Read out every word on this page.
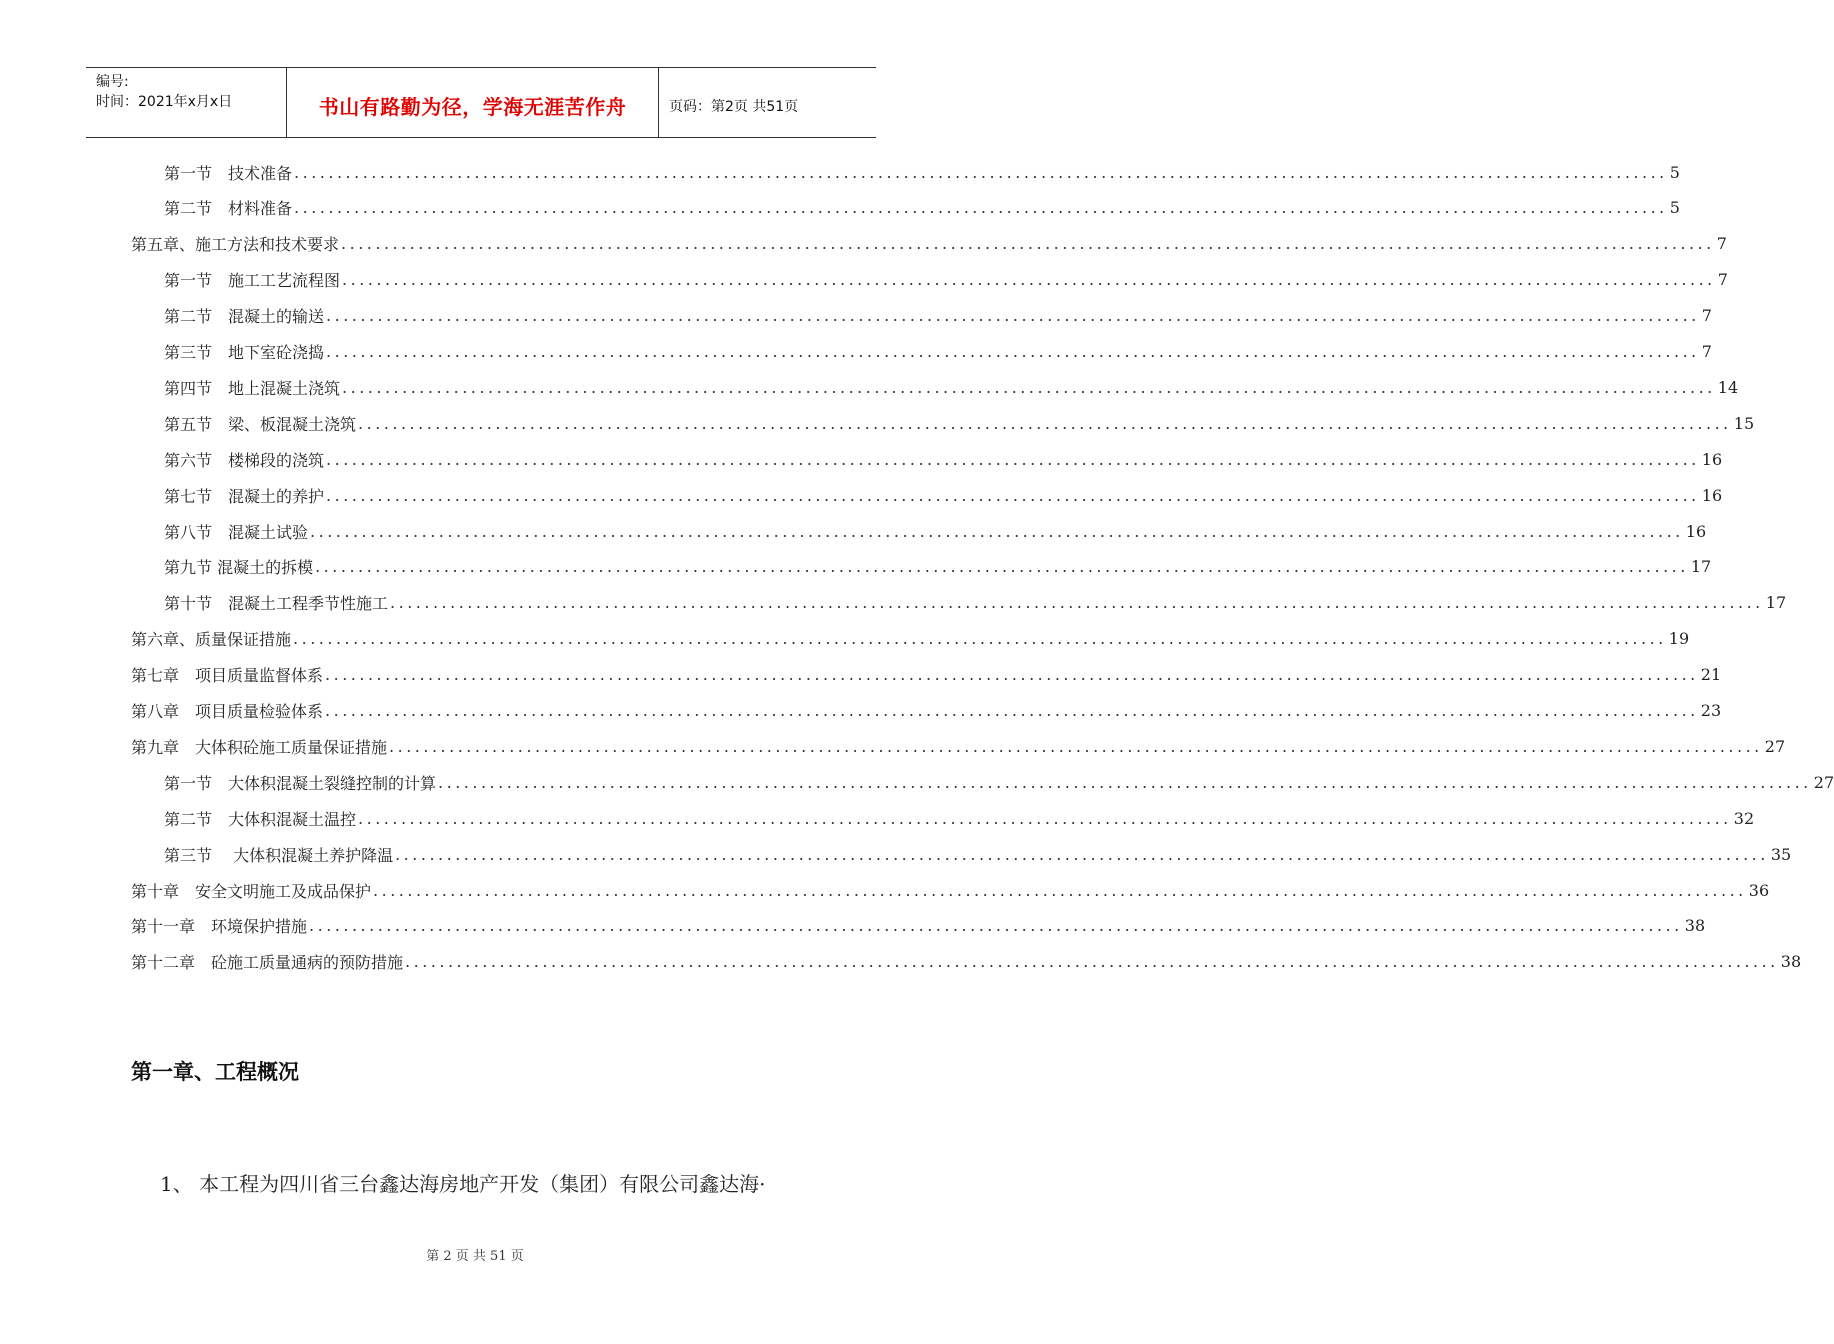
编号:
时间：2021年x月x日	书山有路勤为径，学海无涯苦作舟	页码：第2页 共51页
第一节　技术准备 ................................................................................................................................................................ 5
第二节　材料准备 ................................................................................................................................................................ 5
第五章、施工方法和技术要求 ................................................................................................................................................................ 7
第一节　施工工艺流程图 ................................................................................................................................................................ 7
第二节　混凝土的输送 ................................................................................................................................................................ 7
第三节　地下室砼浇捣 ................................................................................................................................................................ 7
第四节　地上混凝土浇筑 ................................................................................................................................................................ 14
第五节　梁、板混凝土浇筑 ................................................................................................................................................................ 15
第六节　楼梯段的浇筑 ................................................................................................................................................................ 16
第七节　混凝土的养护 ................................................................................................................................................................ 16
第八节　混凝土试验 ................................................................................................................................................................ 16
第九节 混凝土的拆模 ................................................................................................................................................................ 17
第十节　混凝土工程季节性施工 ................................................................................................................................................................ 17
第六章、质量保证措施 ................................................................................................................................................................ 19
第七章　项目质量监督体系 ................................................................................................................................................................ 21
第八章　项目质量检验体系 ................................................................................................................................................................ 23
第九章　大体积砼施工质量保证措施 ................................................................................................................................................................ 27
第一节　大体积混凝土裂缝控制的计算 ................................................................................................................................................................ 27
第二节　大体积混凝土温控 ................................................................................................................................................................ 32
第三节　 大体积混凝土养护降温 ................................................................................................................................................................ 35
第十章　安全文明施工及成品保护 ................................................................................................................................................................ 36
第十一章　环境保护措施 ................................................................................................................................................................ 38
第十二章　砼施工质量通病的预防措施 ................................................................................................................................................................ 38
第一章、工程概况
1、 本工程为四川省三台鑫达海房地产开发（集团）有限公司鑫达海·
第 2 页 共 51 页
